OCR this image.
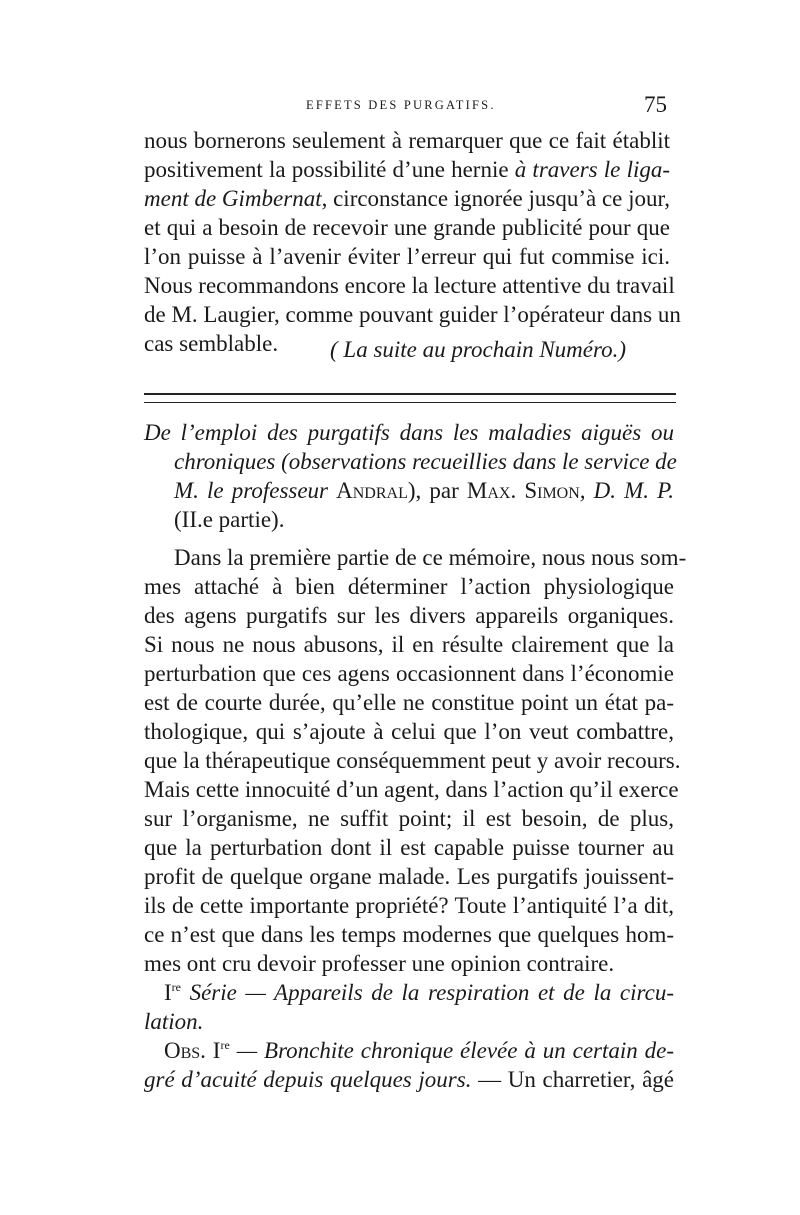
EFFETS DES PURGATIFS.	75
nous bornerons seulement à remarquer que ce fait établit
positivement la possibilité d’une hernie à travers le liga-
ment de Gimbernat, circonstance ignorée jusqu’à ce jour,
et qui a besoin de recevoir une grande publicité pour que
l’on puisse à l’avenir éviter l’erreur qui fut commise ici.
Nous recommandons encore la lecture attentive du travail
de M. Laugier, comme pouvant guider l’opérateur dans un
cas semblable.	( La suite au prochain Numéro.)
De l’emploi des purgatifs dans les maladies aiguës ou
chroniques (observations recueillies dans le service de
M. le professeur Andral), par Max. Simon, D. M. P.
(II.e partie).
Dans la première partie de ce mémoire, nous nous som-
mes attaché à bien déterminer l’action physiologique
des agens purgatifs sur les divers appareils organiques.
Si nous ne nous abusons, il en résulte clairement que la
perturbation que ces agens occasionnent dans l’économie
est de courte durée, qu’elle ne constitue point un état pa-
thologique, qui s’ajoute à celui que l’on veut combattre,
que la thérapeutique conséquemment peut y avoir recours.
Mais cette innocuité d’un agent, dans l’action qu’il exerce
sur l’organisme, ne suffit point; il est besoin, de plus,
que la perturbation dont il est capable puisse tourner au
profit de quelque organe malade. Les purgatifs jouissent-
ils de cette importante propriété? Toute l’antiquité l’a dit,
ce n’est que dans les temps modernes que quelques hom-
mes ont cru devoir professer une opinion contraire.
Ire Série — Appareils de la respiration et de la circu-
lation.
Obs. Ire — Bronchite chronique élevée à un certain de-
gré d’acuité depuis quelques jours. — Un charretier, âgé
